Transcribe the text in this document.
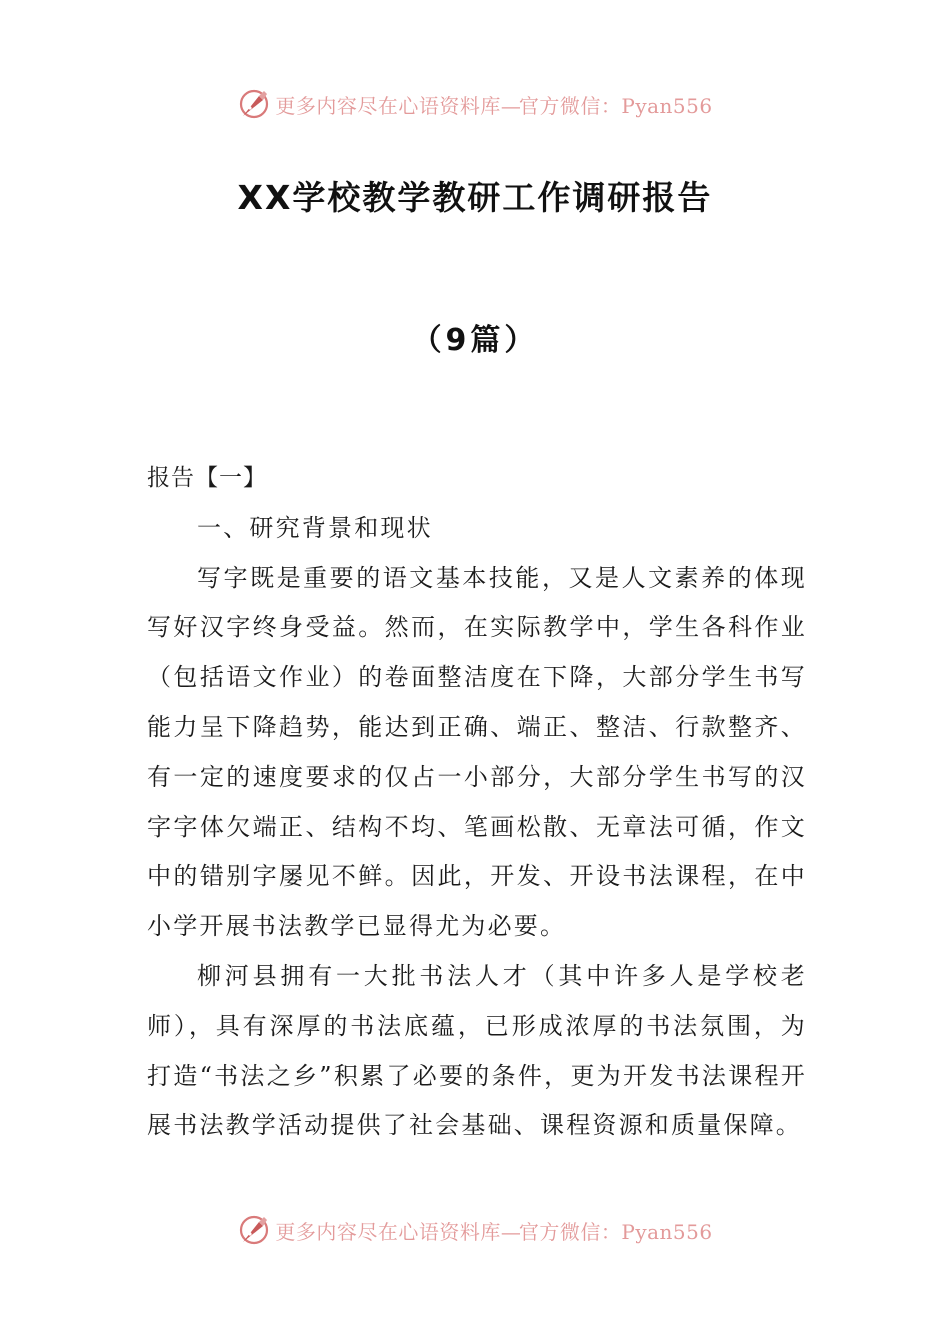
更多内容尽在心语资料库—官方微信：Pyan556
XX学校教学教研工作调研报告
（9篇）

报告【一】

一、研究背景和现状

写字既是重要的语文基本技能，又是人文素养的体现写好汉字终身受益。然而，在实际教学中，学生各科作业（包括语文作业）的卷面整洁度在下降，大部分学生书写能力呈下降趋势，能达到正确、端正、整洁、行款整齐、有一定的速度要求的仅占一小部分，大部分学生书写的汉字字体欠端正、结构不均、笔画松散、无章法可循，作文中的错别字屡见不鲜。因此，开发、开设书法课程，在中小学开展书法教学已显得尤为必要。

柳河县拥有一大批书法人才（其中许多人是学校老师），具有深厚的书法底蕴，已形成浓厚的书法氛围，为打造“书法之乡”积累了必要的条件，更为开发书法课程开展书法教学活动提供了社会基础、课程资源和质量保障。

更多内容尽在心语资料库—官方微信：Pyan556
